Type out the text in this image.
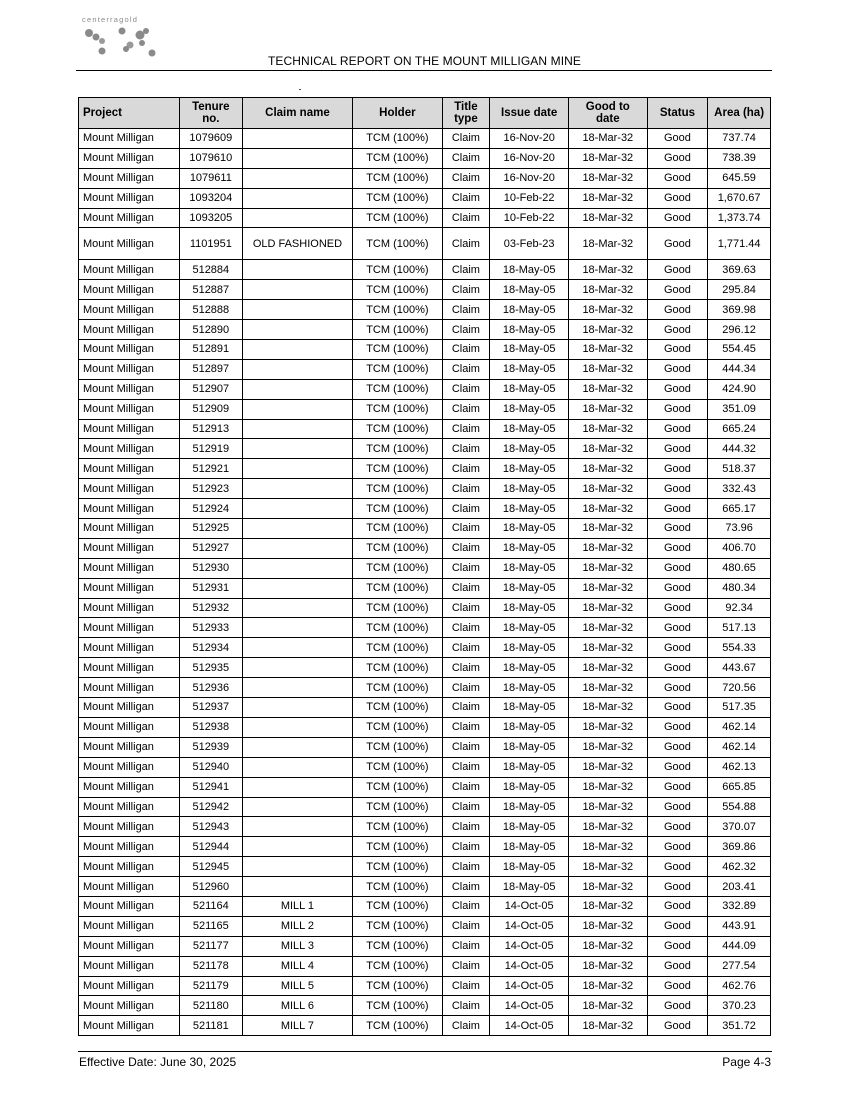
centerragold
TECHNICAL REPORT ON THE MOUNT MILLIGAN MINE
Project	Tenure no.	Claim name	Holder	Title type	Issue date	Good to date	Status	Area (ha)
Mount Milligan	1079609		TCM (100%)	Claim	16-Nov-20	18-Mar-32	Good	737.74
Mount Milligan	1079610		TCM (100%)	Claim	16-Nov-20	18-Mar-32	Good	738.39
Mount Milligan	1079611		TCM (100%)	Claim	16-Nov-20	18-Mar-32	Good	645.59
Mount Milligan	1093204		TCM (100%)	Claim	10-Feb-22	18-Mar-32	Good	1,670.67
Mount Milligan	1093205		TCM (100%)	Claim	10-Feb-22	18-Mar-32	Good	1,373.74
Mount Milligan	1101951	OLD FASHIONED	TCM (100%)	Claim	03-Feb-23	18-Mar-32	Good	1,771.44
Mount Milligan	512884		TCM (100%)	Claim	18-May-05	18-Mar-32	Good	369.63
Mount Milligan	512887		TCM (100%)	Claim	18-May-05	18-Mar-32	Good	295.84
Mount Milligan	512888		TCM (100%)	Claim	18-May-05	18-Mar-32	Good	369.98
Mount Milligan	512890		TCM (100%)	Claim	18-May-05	18-Mar-32	Good	296.12
Mount Milligan	512891		TCM (100%)	Claim	18-May-05	18-Mar-32	Good	554.45
Mount Milligan	512897		TCM (100%)	Claim	18-May-05	18-Mar-32	Good	444.34
Mount Milligan	512907		TCM (100%)	Claim	18-May-05	18-Mar-32	Good	424.90
Mount Milligan	512909		TCM (100%)	Claim	18-May-05	18-Mar-32	Good	351.09
Mount Milligan	512913		TCM (100%)	Claim	18-May-05	18-Mar-32	Good	665.24
Mount Milligan	512919		TCM (100%)	Claim	18-May-05	18-Mar-32	Good	444.32
Mount Milligan	512921		TCM (100%)	Claim	18-May-05	18-Mar-32	Good	518.37
Mount Milligan	512923		TCM (100%)	Claim	18-May-05	18-Mar-32	Good	332.43
Mount Milligan	512924		TCM (100%)	Claim	18-May-05	18-Mar-32	Good	665.17
Mount Milligan	512925		TCM (100%)	Claim	18-May-05	18-Mar-32	Good	73.96
Mount Milligan	512927		TCM (100%)	Claim	18-May-05	18-Mar-32	Good	406.70
Mount Milligan	512930		TCM (100%)	Claim	18-May-05	18-Mar-32	Good	480.65
Mount Milligan	512931		TCM (100%)	Claim	18-May-05	18-Mar-32	Good	480.34
Mount Milligan	512932		TCM (100%)	Claim	18-May-05	18-Mar-32	Good	92.34
Mount Milligan	512933		TCM (100%)	Claim	18-May-05	18-Mar-32	Good	517.13
Mount Milligan	512934		TCM (100%)	Claim	18-May-05	18-Mar-32	Good	554.33
Mount Milligan	512935		TCM (100%)	Claim	18-May-05	18-Mar-32	Good	443.67
Mount Milligan	512936		TCM (100%)	Claim	18-May-05	18-Mar-32	Good	720.56
Mount Milligan	512937		TCM (100%)	Claim	18-May-05	18-Mar-32	Good	517.35
Mount Milligan	512938		TCM (100%)	Claim	18-May-05	18-Mar-32	Good	462.14
Mount Milligan	512939		TCM (100%)	Claim	18-May-05	18-Mar-32	Good	462.14
Mount Milligan	512940		TCM (100%)	Claim	18-May-05	18-Mar-32	Good	462.13
Mount Milligan	512941		TCM (100%)	Claim	18-May-05	18-Mar-32	Good	665.85
Mount Milligan	512942		TCM (100%)	Claim	18-May-05	18-Mar-32	Good	554.88
Mount Milligan	512943		TCM (100%)	Claim	18-May-05	18-Mar-32	Good	370.07
Mount Milligan	512944		TCM (100%)	Claim	18-May-05	18-Mar-32	Good	369.86
Mount Milligan	512945		TCM (100%)	Claim	18-May-05	18-Mar-32	Good	462.32
Mount Milligan	512960		TCM (100%)	Claim	18-May-05	18-Mar-32	Good	203.41
Mount Milligan	521164	MILL 1	TCM (100%)	Claim	14-Oct-05	18-Mar-32	Good	332.89
Mount Milligan	521165	MILL 2	TCM (100%)	Claim	14-Oct-05	18-Mar-32	Good	443.91
Mount Milligan	521177	MILL 3	TCM (100%)	Claim	14-Oct-05	18-Mar-32	Good	444.09
Mount Milligan	521178	MILL 4	TCM (100%)	Claim	14-Oct-05	18-Mar-32	Good	277.54
Mount Milligan	521179	MILL 5	TCM (100%)	Claim	14-Oct-05	18-Mar-32	Good	462.76
Mount Milligan	521180	MILL 6	TCM (100%)	Claim	14-Oct-05	18-Mar-32	Good	370.23
Mount Milligan	521181	MILL 7	TCM (100%)	Claim	14-Oct-05	18-Mar-32	Good	351.72
Effective Date: June 30, 2025	Page 4-3
